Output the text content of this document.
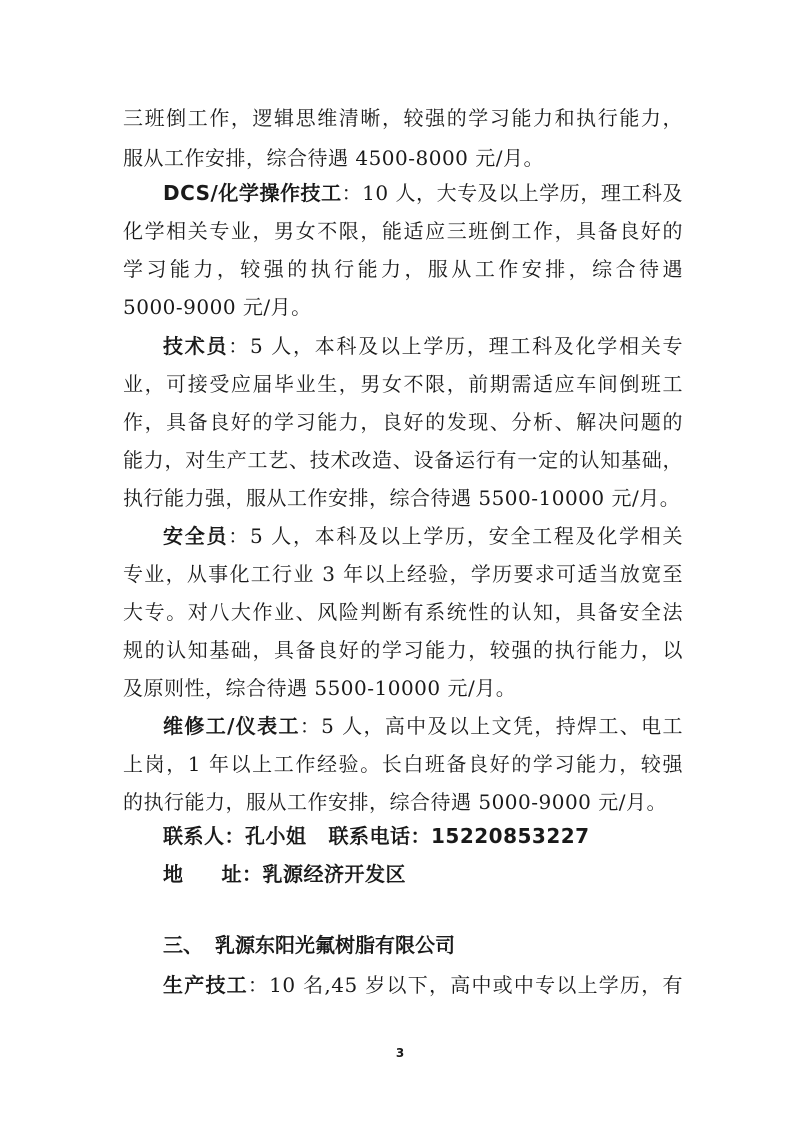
三班倒工作，逻辑思维清晰，较强的学习能力和执行能力，
服从工作安排，综合待遇 4500-8000 元/月。
DCS/化学操作技工：10 人，大专及以上学历，理工科及
化学相关专业，男女不限，能适应三班倒工作，具备良好的
学习能力，较强的执行能力，服从工作安排，综合待遇
5000-9000 元/月。
技术员：5 人，本科及以上学历，理工科及化学相关专
业，可接受应届毕业生，男女不限，前期需适应车间倒班工
作，具备良好的学习能力，良好的发现、分析、解决问题的
能力，对生产工艺、技术改造、设备运行有一定的认知基础，
执行能力强，服从工作安排，综合待遇 5500-10000 元/月。
安全员：5 人，本科及以上学历，安全工程及化学相关
专业，从事化工行业 3 年以上经验，学历要求可适当放宽至
大专。对八大作业、风险判断有系统性的认知，具备安全法
规的认知基础，具备良好的学习能力，较强的执行能力，以
及原则性，综合待遇 5500-10000 元/月。
维修工/仪表工：5 人，高中及以上文凭，持焊工、电工
上岗，1 年以上工作经验。长白班备良好的学习能力，较强
的执行能力，服从工作安排，综合待遇 5000-9000 元/月。
联系人：孔小姐 联系电话：15220853227
地 址：乳源经济开发区
三、 乳源东阳光氟树脂有限公司
生产技工：10 名,45 岁以下，高中或中专以上学历，有
3
